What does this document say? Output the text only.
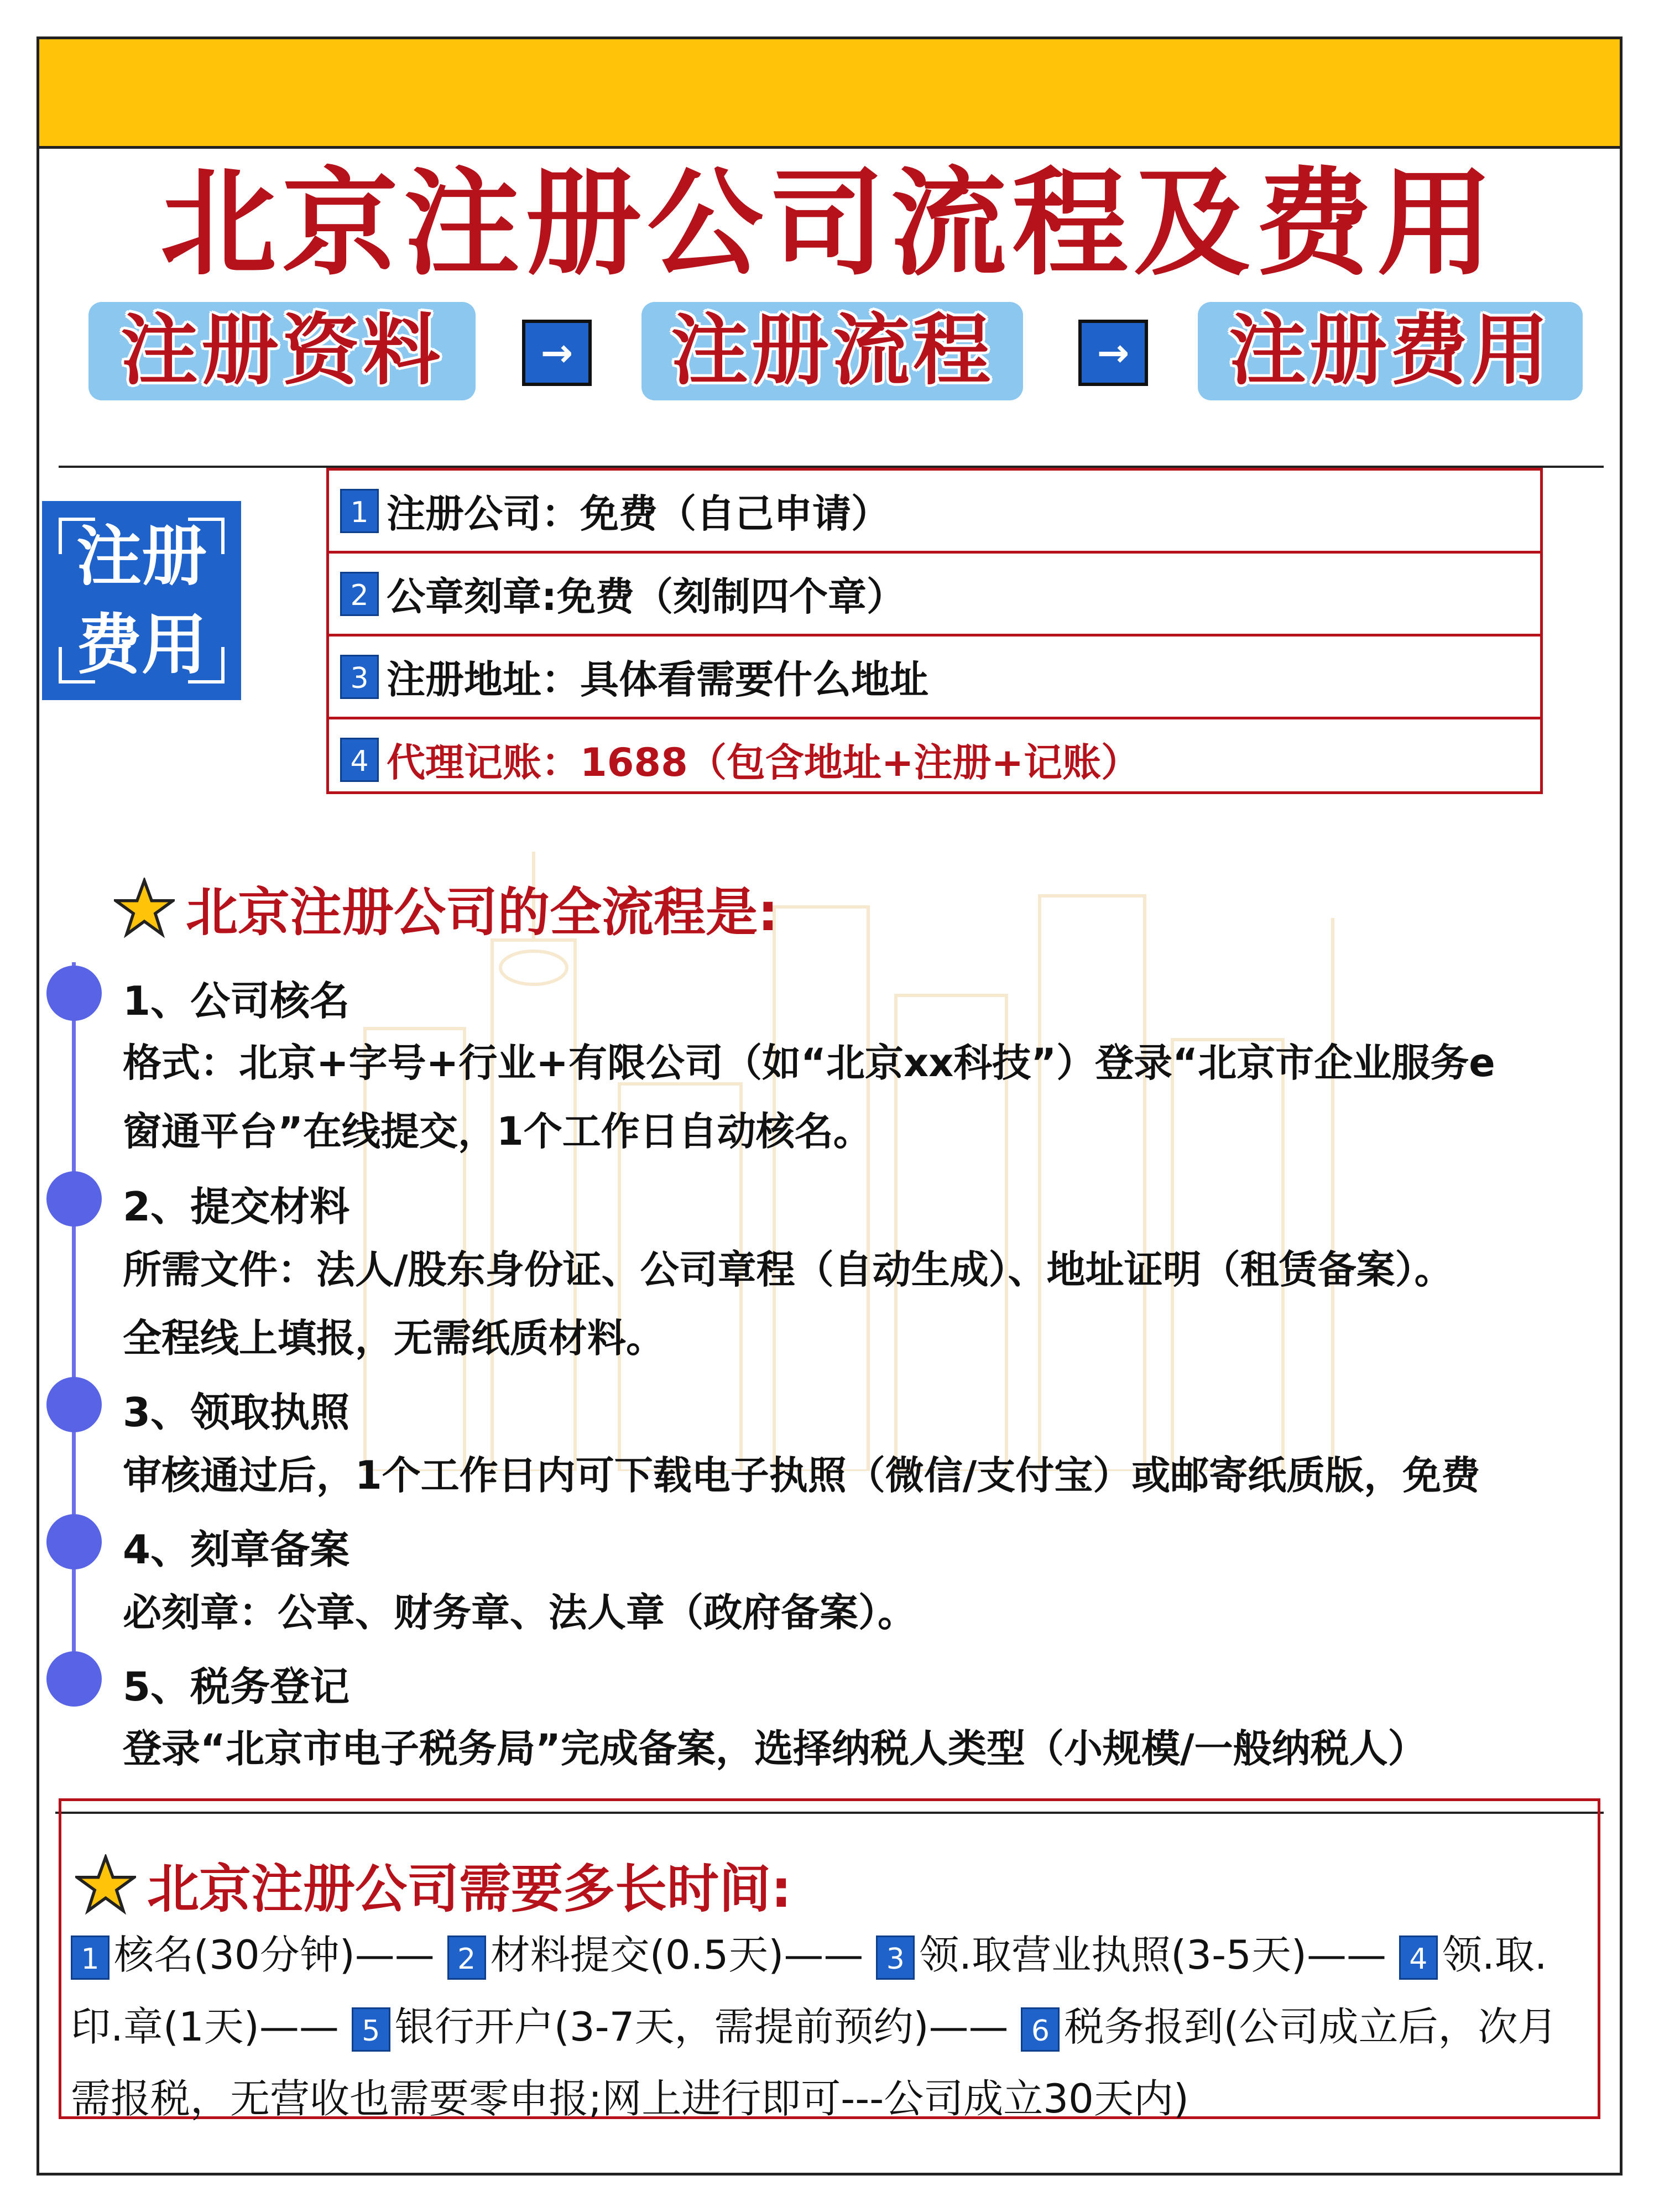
北京注册公司流程及费用
注册资料	→	注册流程	→	注册费用
注册
费用
1 注册公司：免费（自己申请）
2 公章刻章:免费（刻制四个章）
3 注册地址：具体看需要什么地址
4 代理记账：1688（包含地址+注册+记账）
北京注册公司的全流程是:
1、公司核名
格式：北京+字号+行业+有限公司（如“北京xx科技”）登录“北京市企业服务e
窗通平台”在线提交，1个工作日自动核名。
2、提交材料
所需文件：法人/股东身份证、公司章程（自动生成）、地址证明（租赁备案）。
全程线上填报，无需纸质材料。
3、领取执照
审核通过后，1个工作日内可下载电子执照（微信/支付宝）或邮寄纸质版，免费
4、刻章备案
必刻章：公章、财务章、法人章（政府备案）。
5、税务登记
登录“北京市电子税务局”完成备案，选择纳税人类型（小规模/一般纳税人）
北京注册公司需要多长时间:
1 核名(30分钟)—— 2 材料提交(0.5天)—— 3 领.取营业执照(3-5天)—— 4 领.取.印.章(1天)—— 5 银行开户(3-7天，需提前预约)—— 6 税务报到(公司成立后，次月需报税，无营收也需要零申报;网上进行即可---公司成立30天内)
